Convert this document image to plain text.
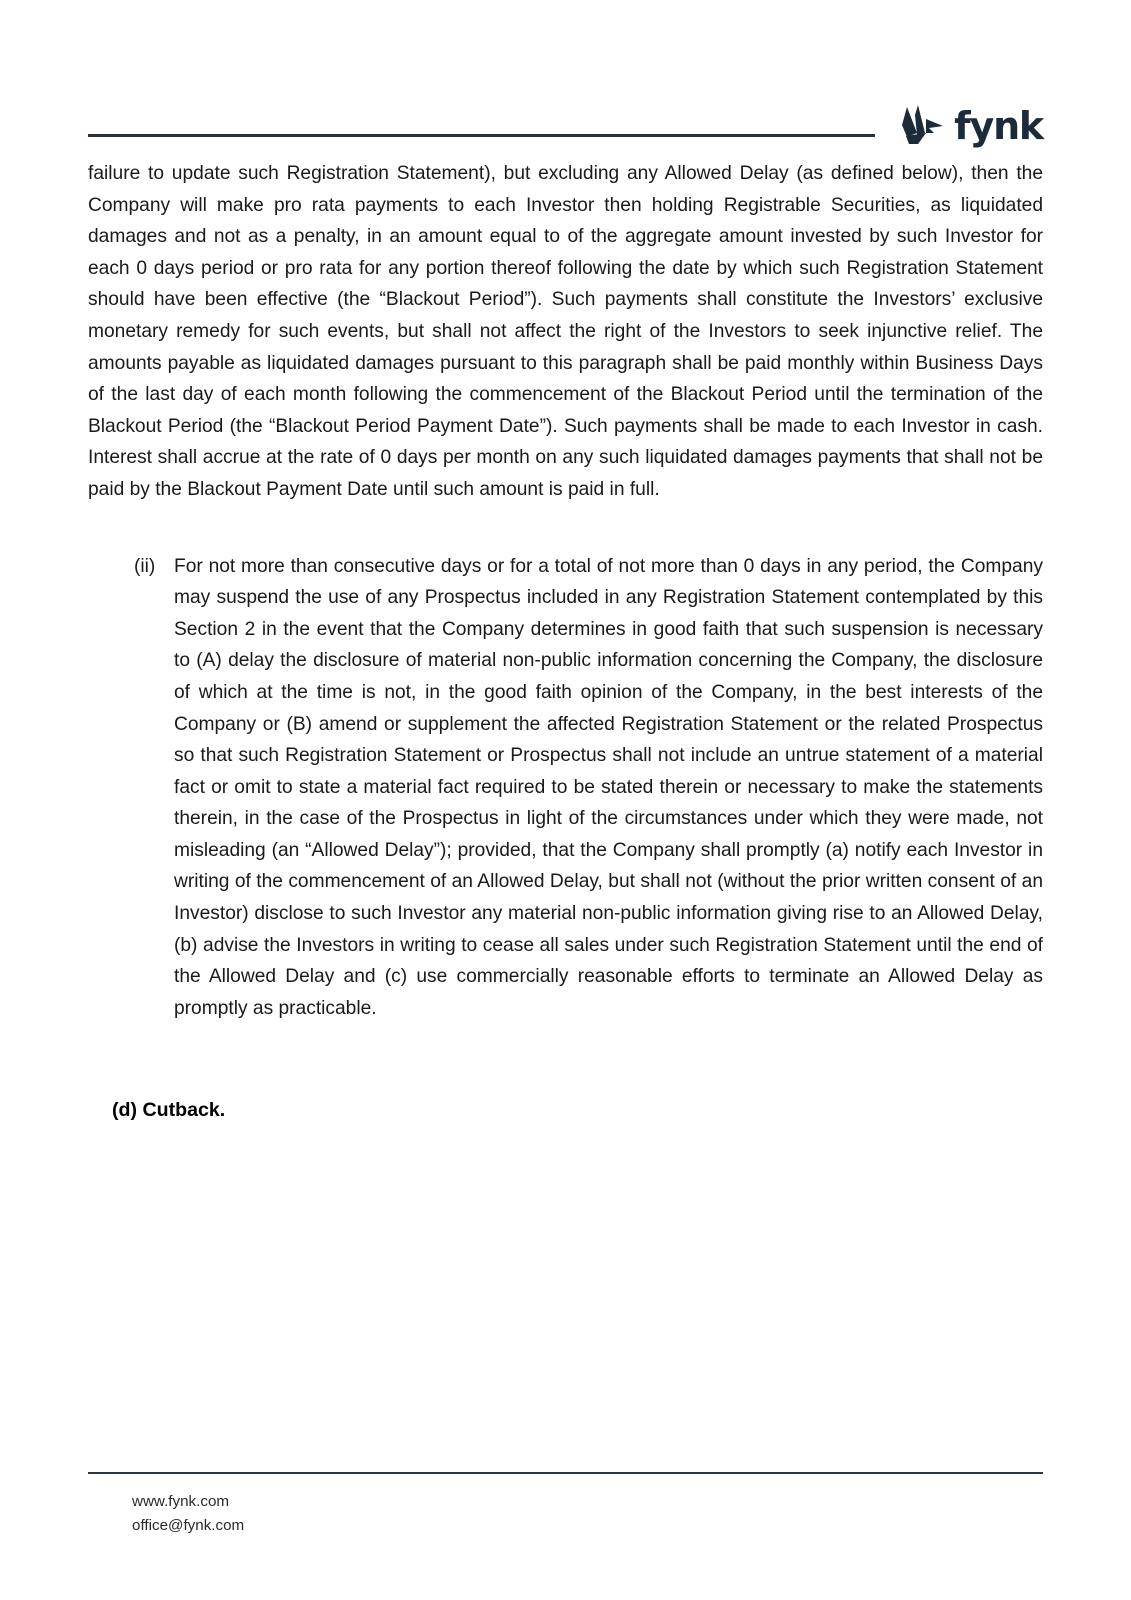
fynk

failure to update such Registration Statement), but excluding any Allowed Delay (as defined below), then the Company will make pro rata payments to each Investor then holding Registrable Securities, as liquidated damages and not as a penalty, in an amount equal to of the aggregate amount invested by such Investor for each 0 days period or pro rata for any portion thereof following the date by which such Registration Statement should have been effective (the “Blackout Period”). Such payments shall constitute the Investors’ exclusive monetary remedy for such events, but shall not affect the right of the Investors to seek injunctive relief. The amounts payable as liquidated damages pursuant to this paragraph shall be paid monthly within Business Days of the last day of each month following the commencement of the Blackout Period until the termination of the Blackout Period (the “Blackout Period Payment Date”). Such payments shall be made to each Investor in cash. Interest shall accrue at the rate of 0 days per month on any such liquidated damages payments that shall not be paid by the Blackout Payment Date until such amount is paid in full.

(ii) For not more than consecutive days or for a total of not more than 0 days in any period, the Company may suspend the use of any Prospectus included in any Registration Statement contemplated by this Section 2 in the event that the Company determines in good faith that such suspension is necessary to (A) delay the disclosure of material non-public information concerning the Company, the disclosure of which at the time is not, in the good faith opinion of the Company, in the best interests of the Company or (B) amend or supplement the affected Registration Statement or the related Prospectus so that such Registration Statement or Prospectus shall not include an untrue statement of a material fact or omit to state a material fact required to be stated therein or necessary to make the statements therein, in the case of the Prospectus in light of the circumstances under which they were made, not misleading (an “Allowed Delay”); provided, that the Company shall promptly (a) notify each Investor in writing of the commencement of an Allowed Delay, but shall not (without the prior written consent of an Investor) disclose to such Investor any material non-public information giving rise to an Allowed Delay, (b) advise the Investors in writing to cease all sales under such Registration Statement until the end of the Allowed Delay and (c) use commercially reasonable efforts to terminate an Allowed Delay as promptly as practicable.

(d) Cutback.
www.fynk.com
office@fynk.com
